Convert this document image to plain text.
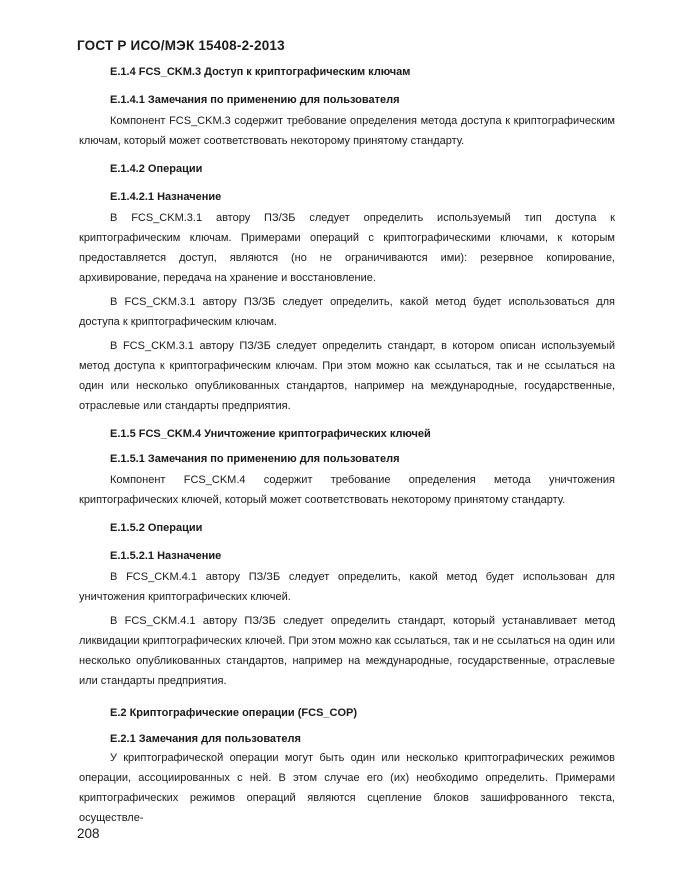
ГОСТ Р ИСО/МЭК 15408-2-2013
E.1.4 FCS_CKM.3 Доступ к криптографическим ключам
E.1.4.1 Замечания по применению для пользователя

Компонент FCS_CKM.3 содержит требование определения метода доступа к криптографическим ключам, который может соответствовать некоторому принятому стандарту.

E.1.4.2 Операции
E.1.4.2.1 Назначение

В FCS_CKM.3.1 автору ПЗ/ЗБ следует определить используемый тип доступа к криптографическим ключам. Примерами операций с криптографическими ключами, к которым предоставляется доступ, являются (но не ограничиваются ими): резервное копирование, архивирование, передача на хранение и восстановление.

В FCS_CKM.3.1 автору ПЗ/ЗБ следует определить, какой метод будет использоваться для доступа к криптографическим ключам.

В FCS_CKM.3.1 автору ПЗ/ЗБ следует определить стандарт, в котором описан используемый метод доступа к криптографическим ключам. При этом можно как ссылаться, так и не ссылаться на один или несколько опубликованных стандартов, например на международные, государственные, отраслевые или стандарты предприятия.

E.1.5 FCS_CKM.4 Уничтожение криптографических ключей
E.1.5.1 Замечания по применению для пользователя

Компонент FCS_CKM.4 содержит требование определения метода уничтожения криптографических ключей, который может соответствовать некоторому принятому стандарту.

E.1.5.2 Операции
E.1.5.2.1 Назначение

В FCS_CKM.4.1 автору ПЗ/ЗБ следует определить, какой метод будет использован для уничтожения криптографических ключей.

В FCS_CKM.4.1 автору ПЗ/ЗБ следует определить стандарт, который устанавливает метод ликвидации криптографических ключей. При этом можно как ссылаться, так и не ссылаться на один или несколько опубликованных стандартов, например на международные, государственные, отраслевые или стандарты предприятия.

E.2 Криптографические операции (FCS_COP)
E.2.1 Замечания для пользователя

У криптографической операции могут быть один или несколько криптографических режимов операции, ассоциированных с ней. В этом случае его (их) необходимо определить. Примерами криптографических режимов операций являются сцепление блоков зашифрованного текста, осуществле-

208
